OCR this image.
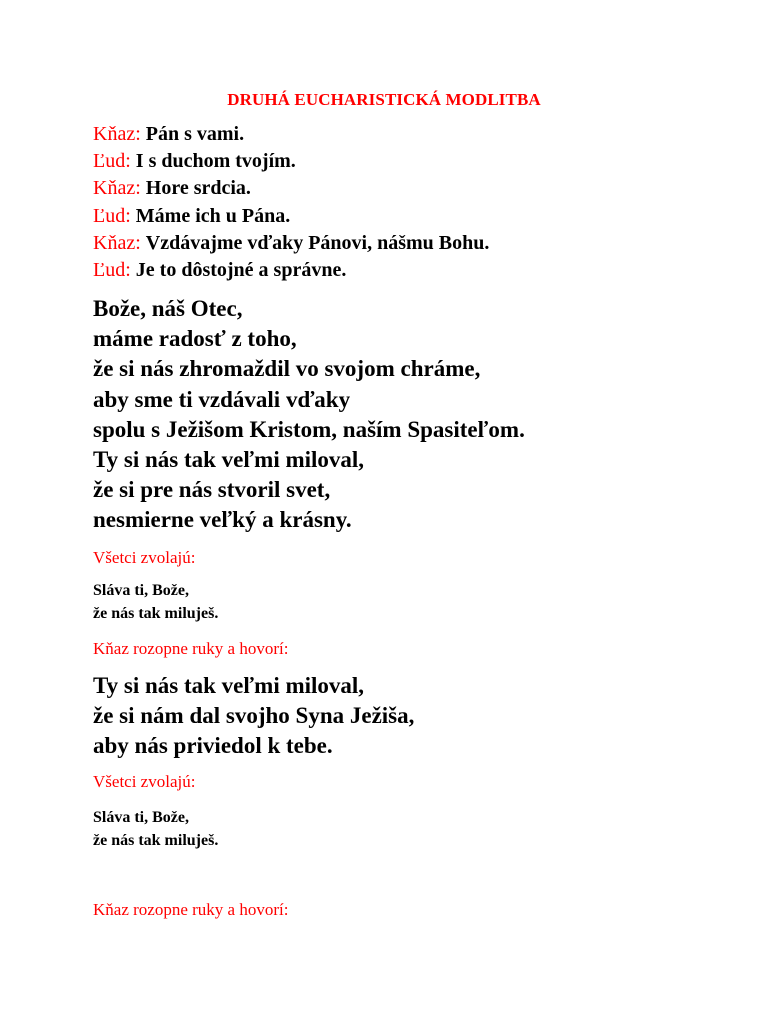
DRUHÁ EUCHARISTICKÁ MODLITBA
Kňaz: Pán s vami.
Ľud: I s duchom tvojím.
Kňaz: Hore srdcia.
Ľud: Máme ich u Pána.
Kňaz: Vzdávajme vďaky Pánovi, nášmu Bohu.
Ľud: Je to dôstojné a správne.
Bože, náš Otec,
máme radosť z toho,
že si nás zhromaždil vo svojom chráme,
aby sme ti vzdávali vďaky
spolu s Ježišom Kristom, naším Spasiteľom.
Ty si nás tak veľmi miloval,
že si pre nás stvoril svet,
nesmierne veľký a krásny.
Všetci zvolajú:
Sláva ti, Bože,
že nás tak miluješ.
Kňaz rozopne ruky a hovorí:
Ty si nás tak veľmi miloval,
že si nám dal svojho Syna Ježiša,
aby nás priviedol k tebe.
Všetci zvolajú:
Sláva ti, Bože,
že nás tak miluješ.
Kňaz rozopne ruky a hovorí:
